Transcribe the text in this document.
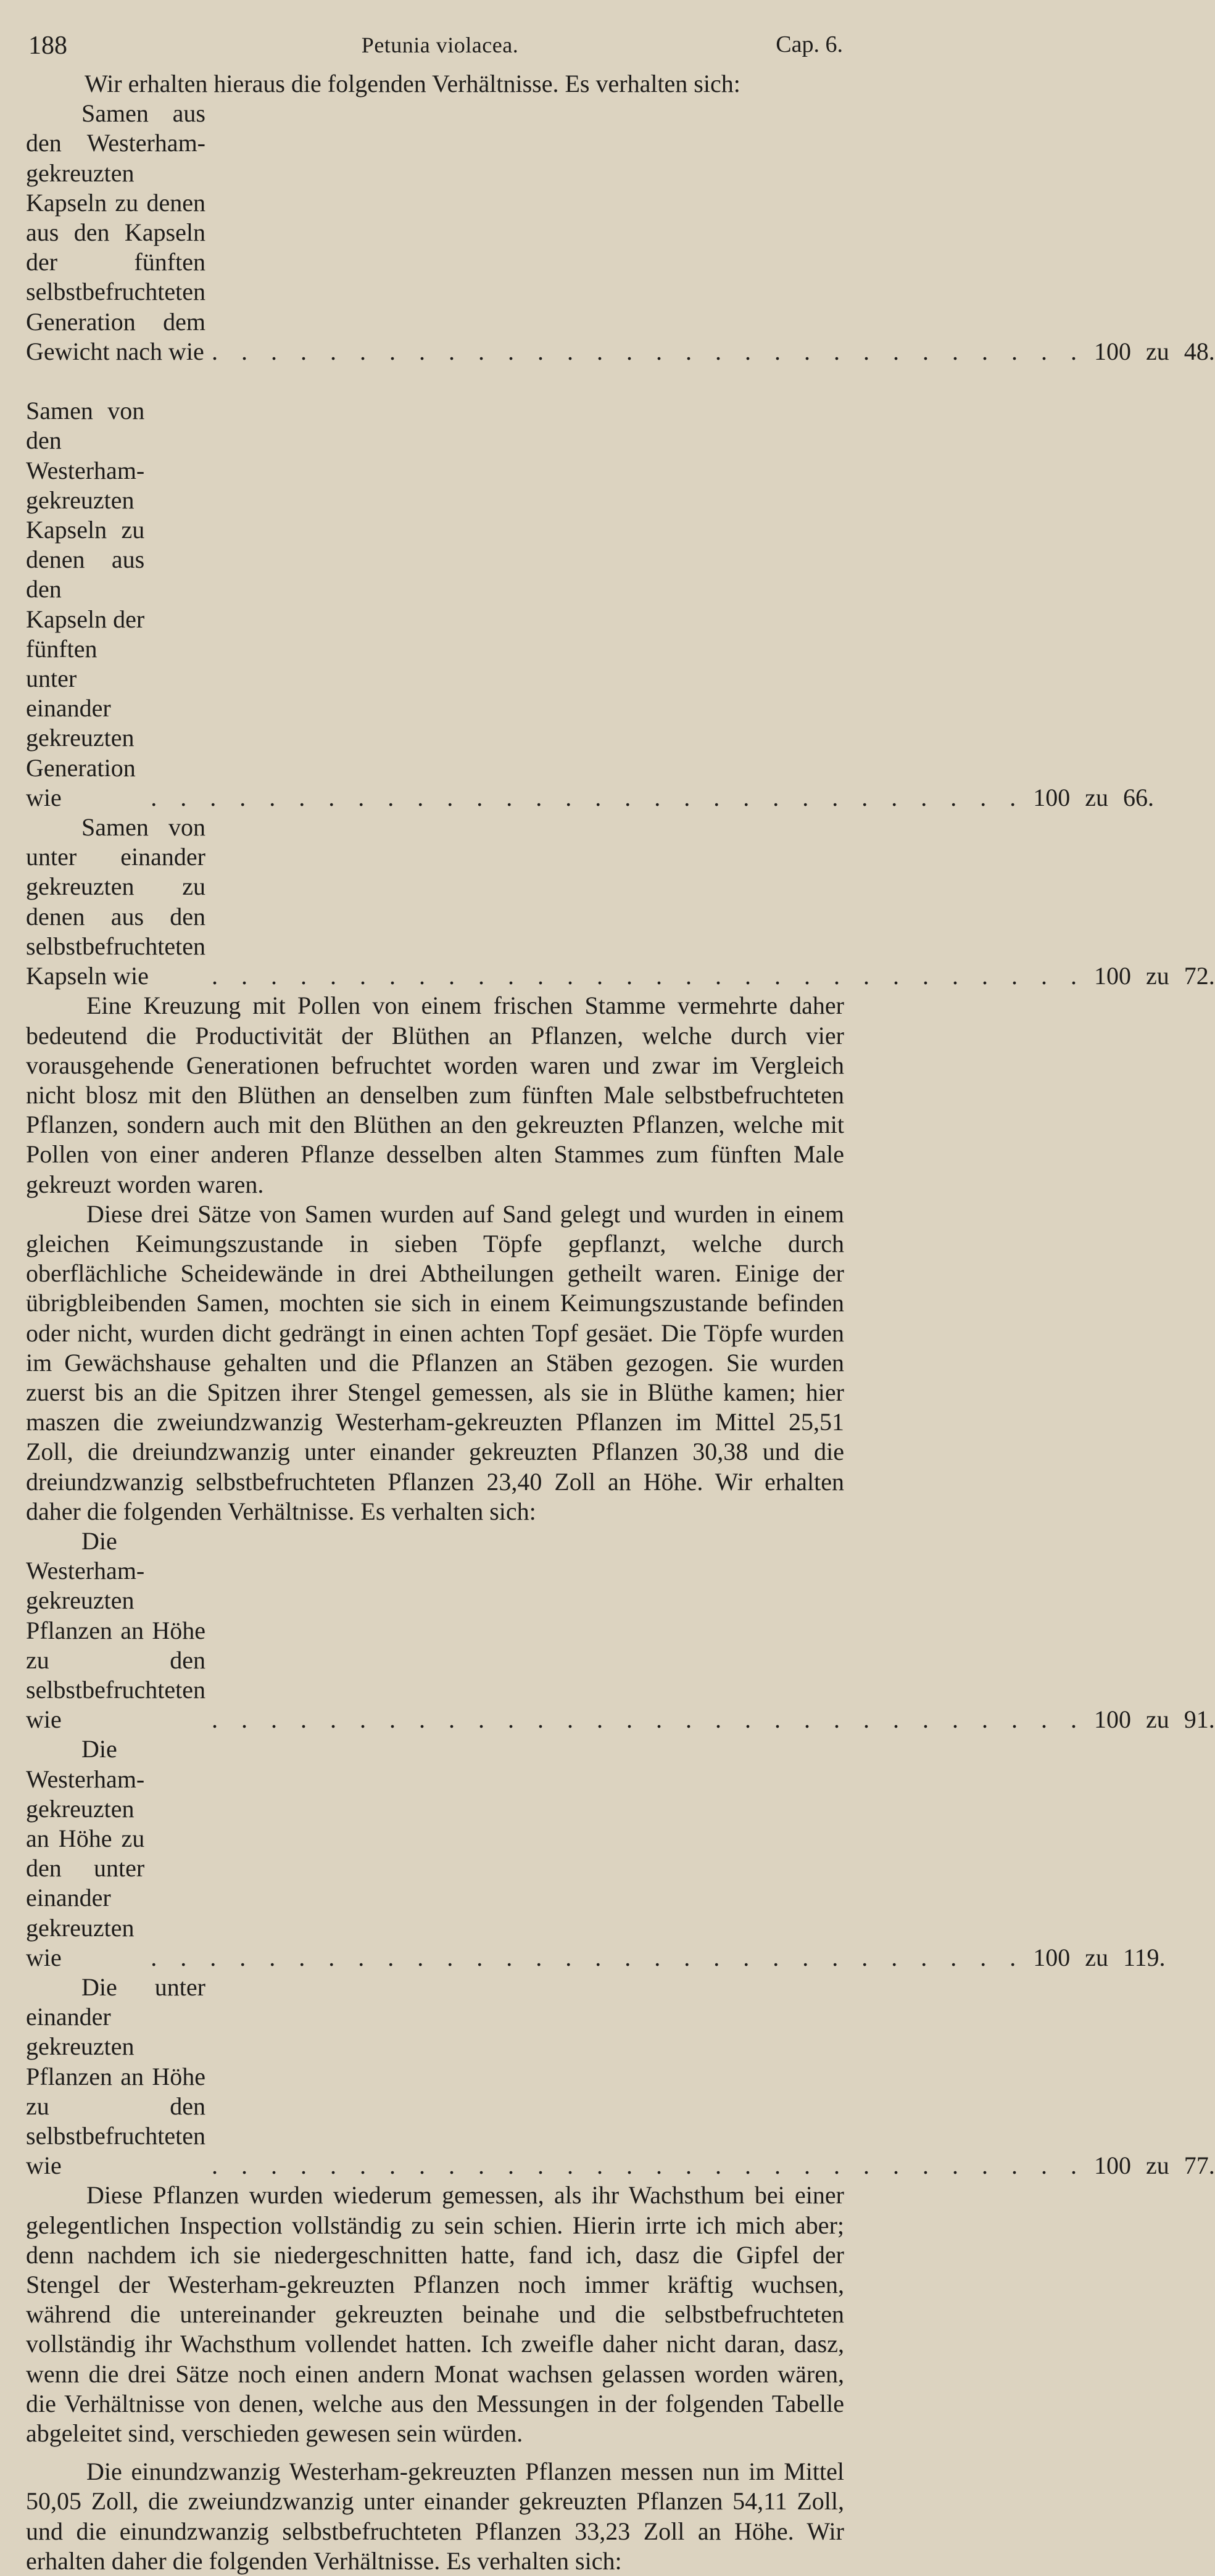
188	Petunia violacea.	Cap. 6.

Wir erhalten hieraus die folgenden Verhältnisse. Es verhalten sich:

Samen aus den Westerham-gekreuzten Kapseln zu denen aus den Kapseln der fünften selbstbefruchteten Generation dem Gewicht nach wie . . . . . . . . . . . . . . . . . . . . . . . . . . . . . . 100 zu 48.
Samen von den Westerham-gekreuzten Kapseln zu denen aus den Kapseln der fünften unter einander gekreuzten Generation wie	. . . . . . . . . . . . . . . . . . . . . . . . . . . . . . 100 zu 66.
Samen von unter einander gekreuzten zu denen aus den selbstbefruchteten Kapseln wie	. . . . . . . . . . . . . . . . . . . . . . . . . . . . . . 100 zu 72.

Eine Kreuzung mit Pollen von einem frischen Stamme vermehrte daher bedeutend die Productivität der Blüthen an Pflanzen, welche durch vier vorausgehende Generationen befruchtet worden waren und zwar im Vergleich nicht blosz mit den Blüthen an denselben zum fünften Male selbstbefruchteten Pflanzen, sondern auch mit den Blüthen an den gekreuzten Pflanzen, welche mit Pollen von einer anderen Pflanze desselben alten Stammes zum fünften Male gekreuzt worden waren.

Diese drei Sätze von Samen wurden auf Sand gelegt und wurden in einem gleichen Keimungszustande in sieben Töpfe gepflanzt, welche durch oberflächliche Scheidewände in drei Abtheilungen getheilt waren. Einige der übrigbleibenden Samen, mochten sie sich in einem Keimungszustande befinden oder nicht, wurden dicht gedrängt in einen achten Topf gesäet. Die Töpfe wurden im Gewächshause gehalten und die Pflanzen an Stäben gezogen. Sie wurden zuerst bis an die Spitzen ihrer Stengel gemessen, als sie in Blüthe kamen; hier maszen die zweiundzwanzig Westerham-gekreuzten Pflanzen im Mittel 25,51 Zoll, die dreiundzwanzig unter einander gekreuzten Pflanzen 30,38 und die dreiundzwanzig selbstbefruchteten Pflanzen 23,40 Zoll an Höhe. Wir erhalten daher die folgenden Verhältnisse. Es verhalten sich:

Die Westerham-gekreuzten Pflanzen an Höhe zu den selbstbefruchteten wie	. . . . . . . . . . . . . . . . . . . . . . . . . . . . . . 100 zu 91.
Die Westerham-gekreuzten an Höhe zu den unter einander gekreuzten wie	. . . . . . . . . . . . . . . . . . . . . . . . . . . . . . 100 zu 119.
Die unter einander gekreuzten Pflanzen an Höhe zu den selbstbefruchteten wie	. . . . . . . . . . . . . . . . . . . . . . . . . . . . . . 100 zu 77.

Diese Pflanzen wurden wiederum gemessen, als ihr Wachsthum bei einer gelegentlichen Inspection vollständig zu sein schien. Hierin irrte ich mich aber; denn nachdem ich sie niedergeschnitten hatte, fand ich, dasz die Gipfel der Stengel der Westerham-gekreuzten Pflanzen noch immer kräftig wuchsen, während die untereinander gekreuzten beinahe und die selbstbefruchteten vollständig ihr Wachsthum vollendet hatten. Ich zweifle daher nicht daran, dasz, wenn die drei Sätze noch einen andern Monat wachsen gelassen worden wären, die Verhältnisse von denen, welche aus den Messungen in der folgenden Tabelle abgeleitet sind, verschieden gewesen sein würden.

Die einundzwanzig Westerham-gekreuzten Pflanzen messen nun im Mittel 50,05 Zoll, die zweiundzwanzig unter einander gekreuzten Pflanzen 54,11 Zoll, und die einundzwanzig selbstbefruchteten Pflanzen 33,23 Zoll an Höhe. Wir erhalten daher die folgenden Verhältnisse. Es verhalten sich:
